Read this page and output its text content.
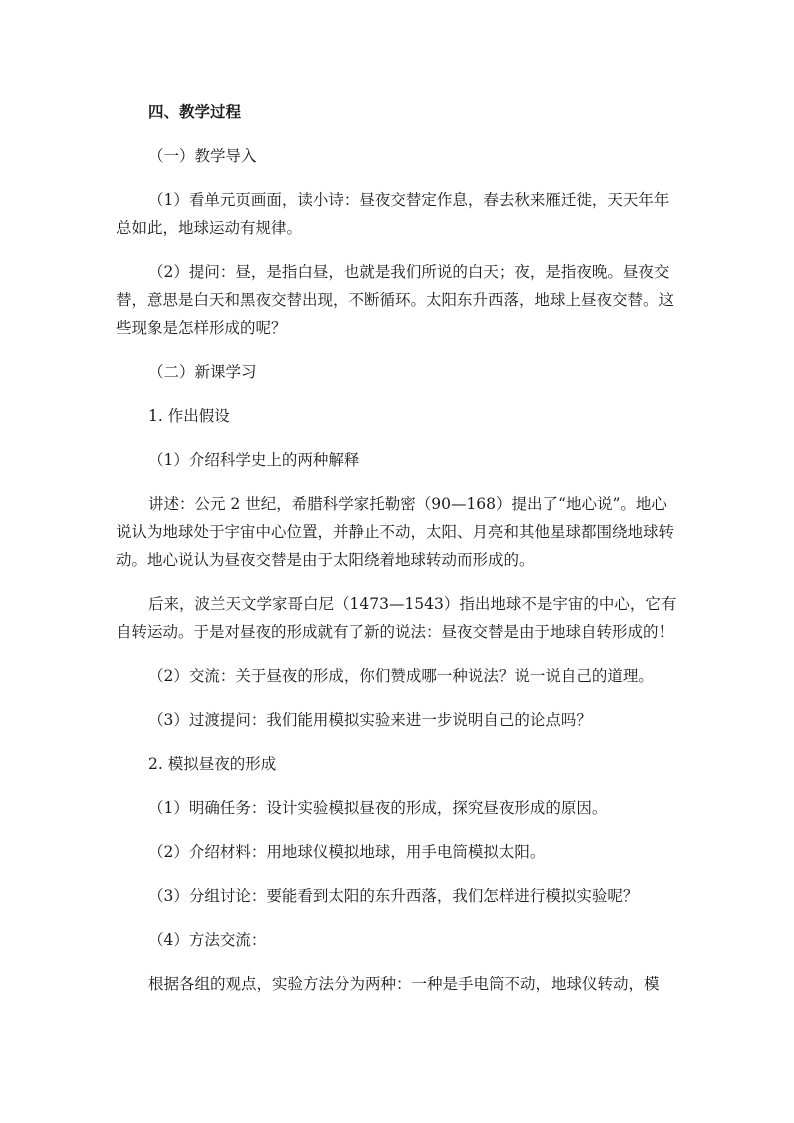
四、教学过程

（一）教学导入

（1）看单元页画面，读小诗：昼夜交替定作息，春去秋来雁迁徙，天天年年总如此，地球运动有规律。

（2）提问：昼，是指白昼，也就是我们所说的白天；夜，是指夜晚。昼夜交替，意思是白天和黑夜交替出现，不断循环。太阳东升西落，地球上昼夜交替。这些现象是怎样形成的呢？

（二）新课学习

1. 作出假设

（1）介绍科学史上的两种解释

讲述：公元 2 世纪，希腊科学家托勒密（90—168）提出了“地心说”。地心说认为地球处于宇宙中心位置，并静止不动，太阳、月亮和其他星球都围绕地球转动。地心说认为昼夜交替是由于太阳绕着地球转动而形成的。

后来，波兰天文学家哥白尼（1473—1543）指出地球不是宇宙的中心，它有自转运动。于是对昼夜的形成就有了新的说法：昼夜交替是由于地球自转形成的！

（2）交流：关于昼夜的形成，你们赞成哪一种说法？说一说自己的道理。

（3）过渡提问：我们能用模拟实验来进一步说明自己的论点吗？

2. 模拟昼夜的形成

（1）明确任务：设计实验模拟昼夜的形成，探究昼夜形成的原因。

（2）介绍材料：用地球仪模拟地球，用手电筒模拟太阳。

（3）分组讨论：要能看到太阳的东升西落，我们怎样进行模拟实验呢？

（4）方法交流：

根据各组的观点，实验方法分为两种：一种是手电筒不动，地球仪转动，模
